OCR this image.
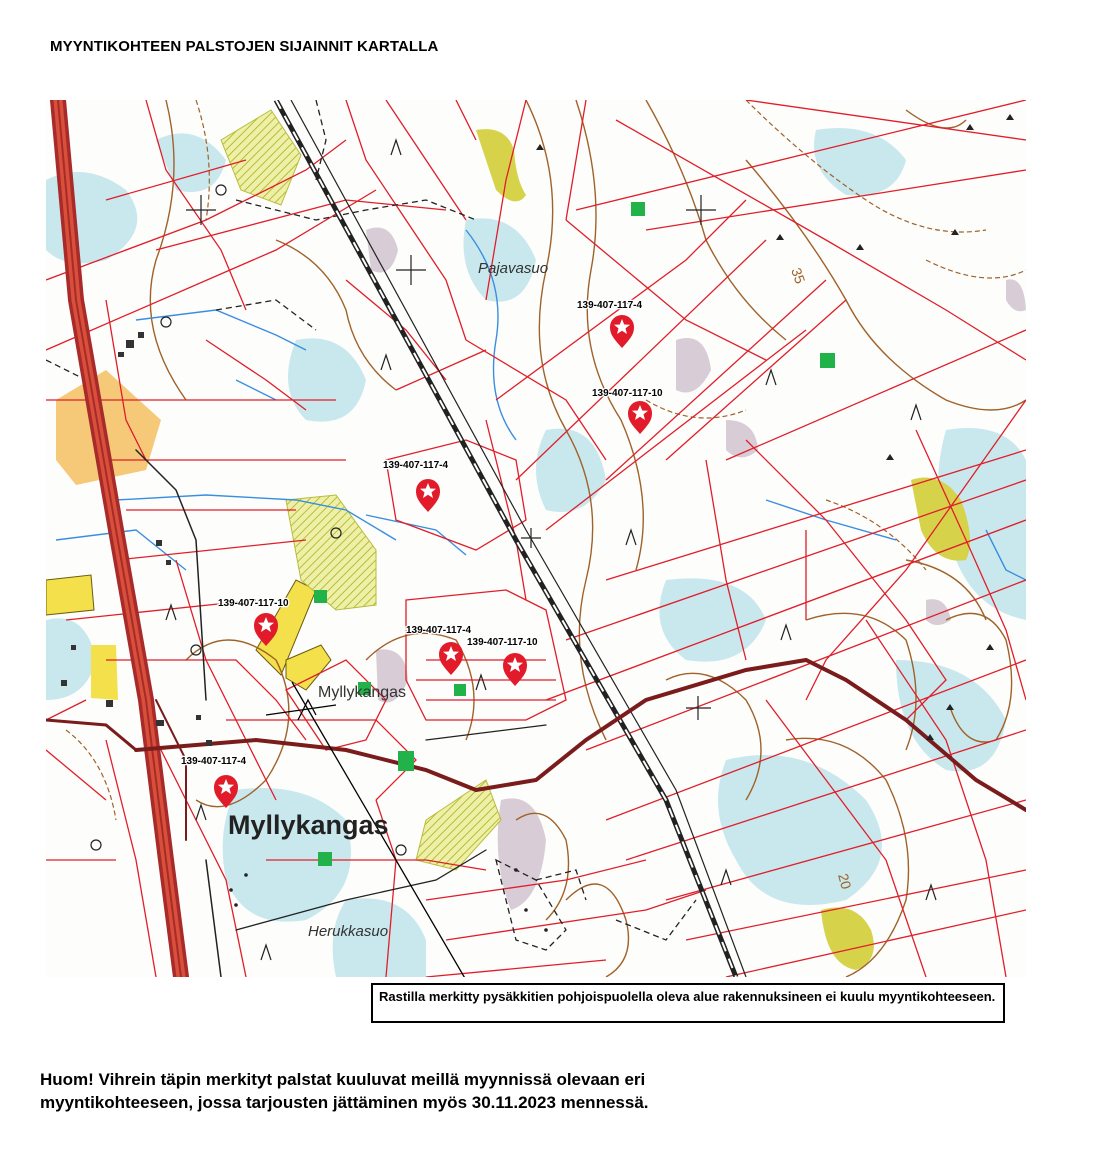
MYYNTIKOHTEEN PALSTOJEN SIJAINNIT KARTALLA
35
20
Pajavasuo
Myllykangas
Myllykangas
Herukkasuo
139-407-117-4
139-407-117-10
139-407-117-4
139-407-117-10
139-407-117-4
139-407-117-10
139-407-117-4
Rastilla merkitty pysäkkitien pohjoispuolella oleva alue rakennuksineen ei kuulu myyntikohteeseen.
Huom! Vihrein täpin merkityt palstat kuuluvat meillä myynnissä olevaan eri myyntikohteeseen, jossa tarjousten jättäminen myös 30.11.2023 mennessä.
